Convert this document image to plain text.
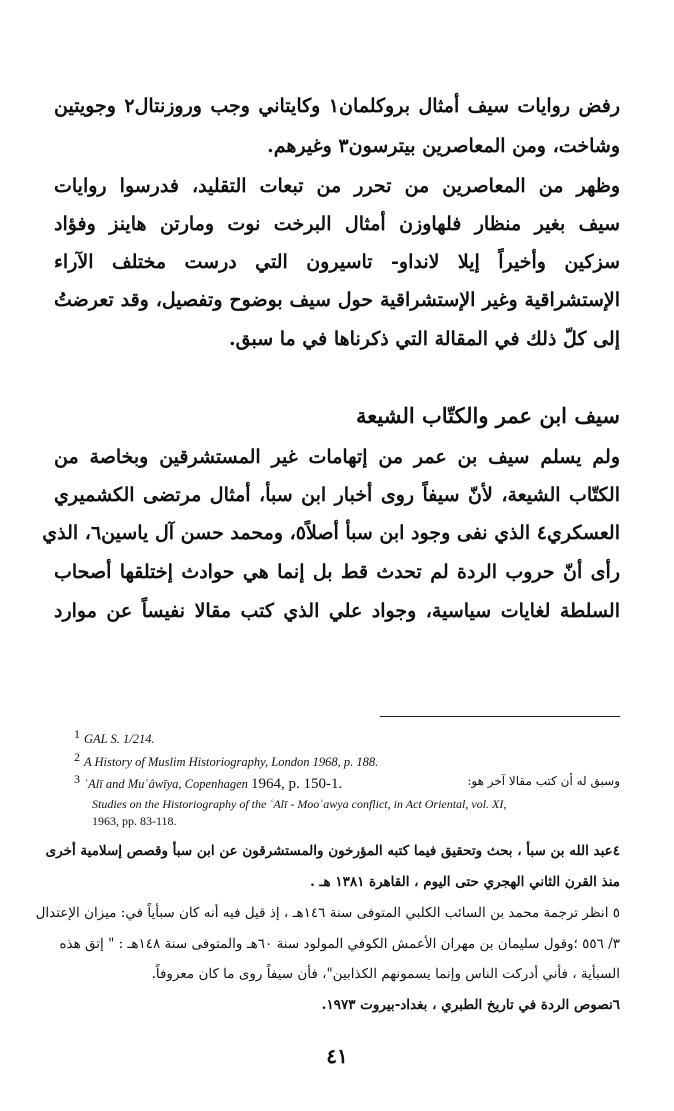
رفض روايات سيف أمثال بروكلمان١ وكايتاني وجب وروزنتال٢ وجويتين

وشاخت، ومن المعاصرين بيترسون٣ وغيرهم.

وظهر من المعاصرين من تحرر من تبعات التقليد، فدرسوا روايات

سيف بغير منظار فلهاوزن أمثال البرخت نوت ومارتن هاينز وفؤاد

سزكين وأخيراً إيلا لانداو- تاسيرون التي درست مختلف الآراء

الإستشراقية وغير الإستشراقية حول سيف بوضوح وتفصيل، وقد تعرضتُ

إلى كلّ ذلك في المقالة التي ذكرناها في ما سبق.

سيف ابن عمر والكتّاب الشيعة

ولم يسلم سيف بن عمر من إتهامات غير المستشرقين وبخاصة من

الكتّاب الشيعة، لأنّ سيفاً روى أخبار ابن سبأ، أمثال مرتضى الكشميري

العسكري٤ الذي نفى وجود ابن سبأ أصلاً٥، ومحمد حسن آل ياسين٦، الذي

رأى أنّ حروب الردة لم تحدث قط بل إنما هي حوادث إختلقها أصحاب

السلطة لغايات سياسية، وجواد علي الذي كتب مقالا نفيساً عن موارد

1 GAL S. 1/214.
2 A History of Muslim Historiography, London 1968, p. 188.
3 ʿAlī and Muʿâwīya, Copenhagen 1964, p. 150-1.	وسبق له أن كتب مقالا آخر هو:
Studies on the Historiography of the ʿAlī - Mooʿawya conflict, in Act Oriental, vol. XI,
1963, pp. 83-118.
٤عبد الله بن سبأ ، بحث وتحقيق فيما كتبه المؤرخون والمستشرقون عن ابن سبأ وقصص إسلامية أخرى
منذ القرن الثاني الهجري حتى اليوم ، القاهرة ١٣٨١ هـ .
٥ انظر ترجمة محمد بن السائب الكلبي المتوفى سنة ١٤٦هـ ، إذ قيل فيه أنه كان سبأياً في: ميزان الإعتدال
٣/ ٥٥٦ ؛وقول سليمان بن مهران الأعمش الكوفي المولود سنة ٦٠هـ والمتوفى سنة ١٤٨هـ : " إتق هذه
السبأية ، فأني أدركت الناس وإنما يسمونهم الكذابين"، فأن سيفاً روى ما كان معروفاً.
٦نصوص الردة في تاريخ الطبري ، بغداد-بيروت ١٩٧٣.
٤١
